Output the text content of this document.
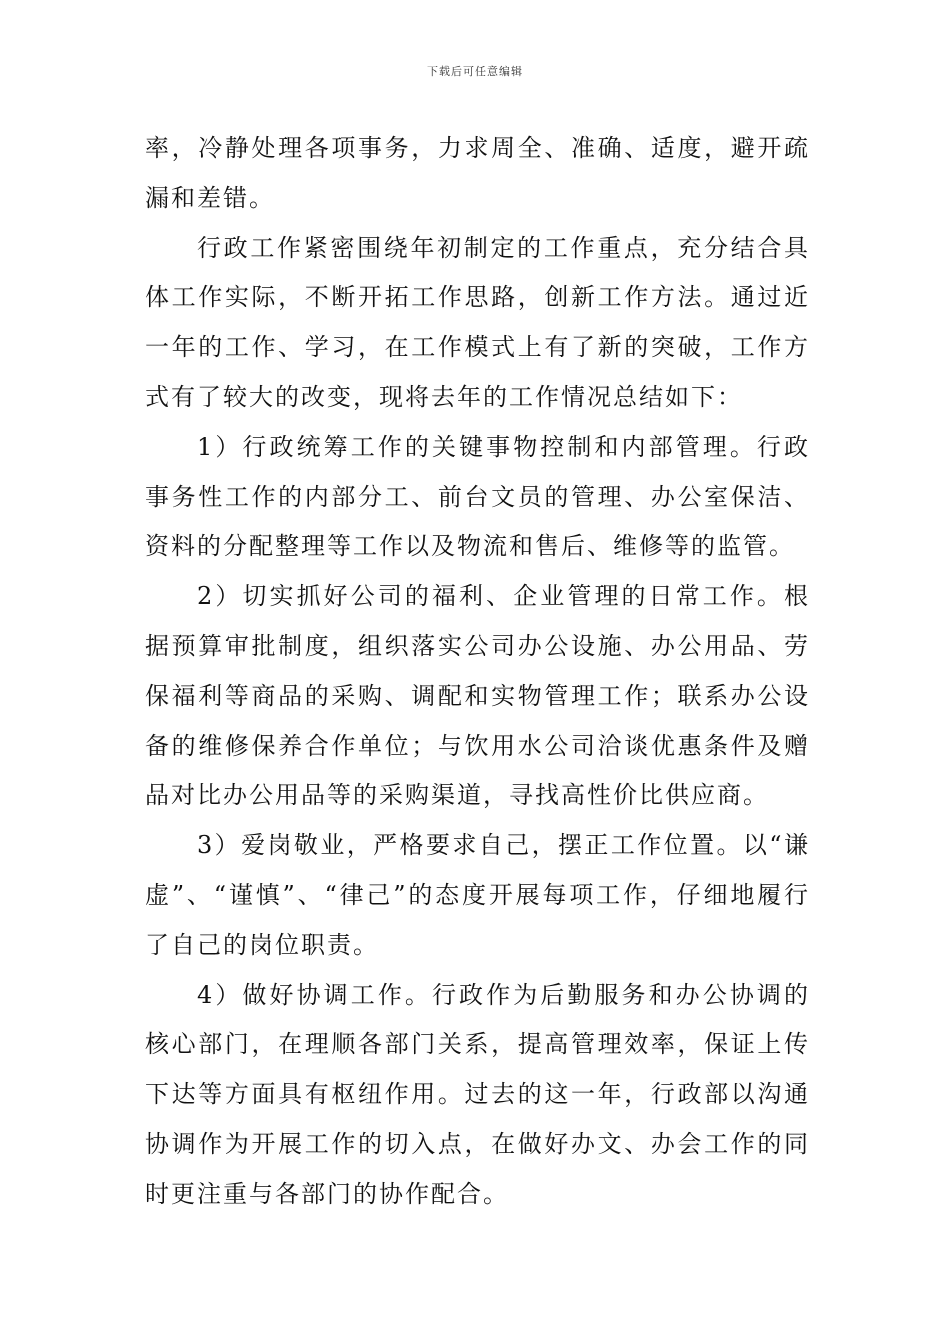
下载后可任意编辑

率，冷静处理各项事务，力求周全、准确、适度，避开疏漏和差错。

行政工作紧密围绕年初制定的工作重点，充分结合具体工作实际，不断开拓工作思路，创新工作方法。通过近一年的工作、学习，在工作模式上有了新的突破，工作方式有了较大的改变，现将去年的工作情况总结如下：

1）行政统筹工作的关键事物控制和内部管理。行政事务性工作的内部分工、前台文员的管理、办公室保洁、资料的分配整理等工作以及物流和售后、维修等的监管。

2）切实抓好公司的福利、企业管理的日常工作。根据预算审批制度，组织落实公司办公设施、办公用品、劳保福利等商品的采购、调配和实物管理工作；联系办公设备的维修保养合作单位；与饮用水公司洽谈优惠条件及赠品对比办公用品等的采购渠道，寻找高性价比供应商。

3）爱岗敬业，严格要求自己，摆正工作位置。以“谦虚”、“谨慎”、“律己”的态度开展每项工作，仔细地履行了自己的岗位职责。

4）做好协调工作。行政作为后勤服务和办公协调的核心部门，在理顺各部门关系，提高管理效率，保证上传下达等方面具有枢纽作用。过去的这一年，行政部以沟通协调作为开展工作的切入点，在做好办文、办会工作的同时更注重与各部门的协作配合。
